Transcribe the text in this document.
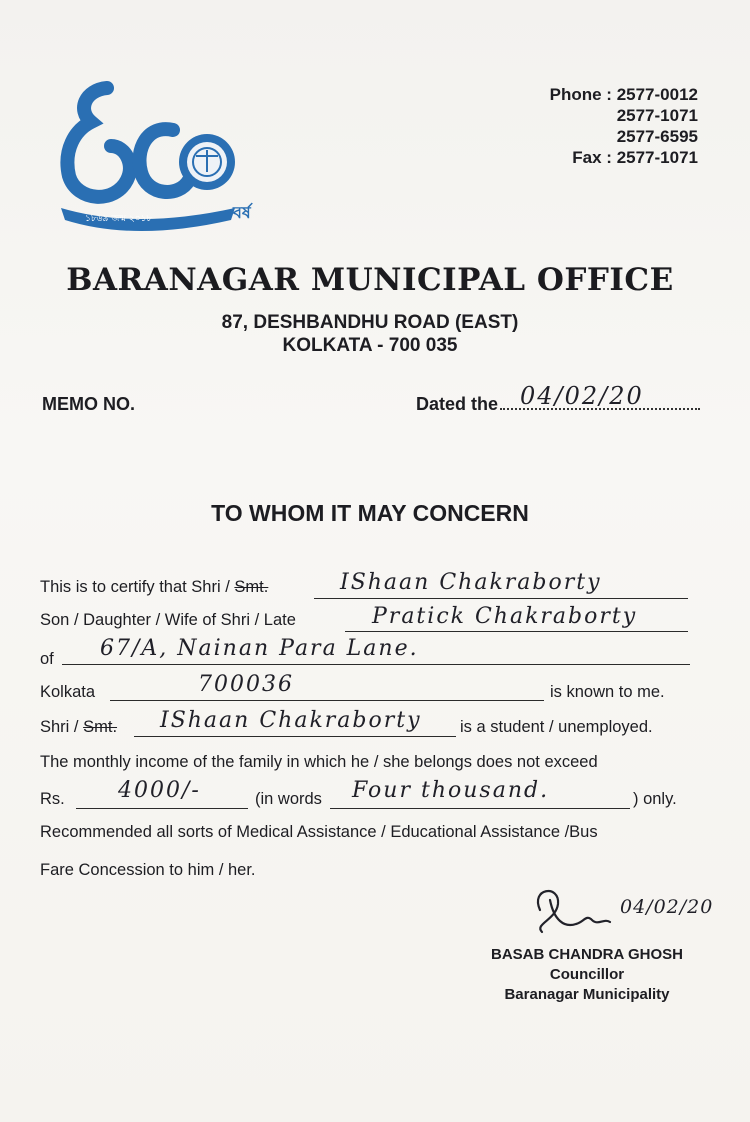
১৮৬৯ জন্ম ২০১৮	বর্ষ
Phone : 2577-0012
2577-1071
2577-6595
Fax : 2577-1071
BARANAGAR MUNICIPAL OFFICE
87, DESHBANDHU ROAD (EAST)
KOLKATA - 700 035
MEMO NO.	Dated the 04/02/20
TO WHOM IT MAY CONCERN
This is to certify that Shri / Smt.	IShaan Chakraborty
Son / Daughter / Wife of Shri / Late	Pratick Chakraborty
of 67/A, Nainan Para Lane.
Kolkata	700036	is known to me.
Shri / Smt. IShaan Chakraborty is a student / unemployed.
The monthly income of the family in which he / she belongs does not exceed
Rs. 4000/-	(in words Four thousand.	) only.
Recommended all sorts of Medical Assistance / Educational Assistance /Bus
Fare Concession to him / her.
04/02/20
BASAB CHANDRA GHOSH
Councillor
Baranagar Municipality
